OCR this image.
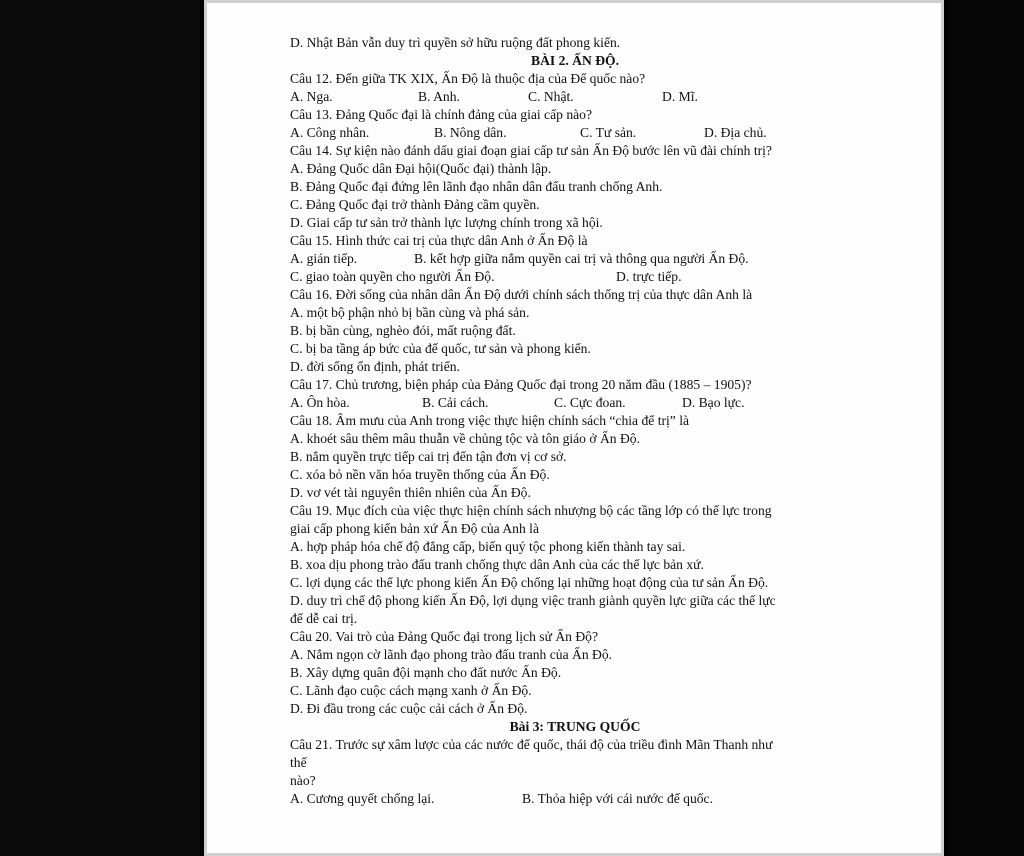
D. Nhật Bản vẫn duy trì quyền sở hữu ruộng đất phong kiến.
BÀI 2. ẤN ĐỘ.
Câu 12. Đến giữa TK XIX, Ấn Độ là thuộc địa của Đế quốc nào?
A. Nga.	B. Anh.	C. Nhật.	D. Mĩ.
Câu 13. Đảng Quốc đại là chính đảng của giai cấp nào?
A. Công nhân.	B. Nông dân.	C. Tư sản.	D. Địa chủ.
Câu 14. Sự kiện nào đánh dấu giai đoạn giai cấp tư sản Ấn Độ bước lên vũ đài chính trị?
A. Đảng Quốc dân Đại hội(Quốc đại) thành lập.
B. Đảng Quốc đại đứng lên lãnh đạo nhân dân đấu tranh chống Anh.
C. Đảng Quốc đại trở thành Đảng cầm quyền.
D. Giai cấp tư sản trở thành lực lượng chính trong xã hội.
Câu 15. Hình thức cai trị của thực dân Anh ở Ấn Độ là
A. gián tiếp.	B. kết hợp giữa nắm quyền cai trị và thông qua người Ấn Độ.
C. giao toàn quyền cho người Ấn Độ.	D. trực tiếp.
Câu 16. Đời sống của nhân dân Ấn Độ dưới chính sách thống trị của thực dân Anh là
A. một bộ phận nhỏ bị bần cùng và phá sản.
B. bị bần cùng, nghèo đói, mất ruộng đất.
C. bị ba tầng áp bức của đế quốc, tư sản và phong kiến.
D. đời sống ổn định, phát triển.
Câu 17. Chủ trương, biện pháp của Đảng Quốc đại trong 20 năm đầu (1885 – 1905)?
A. Ôn hòa.	B. Cải cách.	C. Cực đoan.	D. Bạo lực.
Câu 18. Âm mưu của Anh trong việc thực hiện chính sách “chia để trị” là
A. khoét sâu thêm mâu thuẫn về chủng tộc và tôn giáo ở Ấn Độ.
B. nắm quyền trực tiếp cai trị đến tận đơn vị cơ sở.
C. xóa bỏ nền văn hóa truyền thống của Ấn Độ.
D. vơ vét tài nguyên thiên nhiên của Ấn Độ.
Câu 19. Mục đích của việc thực hiện chính sách nhượng bộ các tầng lớp có thế lực trong
giai cấp phong kiến bản xứ Ấn Độ của Anh là
A. hợp pháp hóa chế độ đẳng cấp, biến quý tộc phong kiến thành tay sai.
B. xoa dịu phong trào đấu tranh chống thực dân Anh của các thế lực bản xứ.
C. lợi dụng các thế lực phong kiến Ấn Độ chống lại những hoạt động của tư sản Ấn Độ.
D. duy trì chế độ phong kiến Ấn Độ, lợi dụng việc tranh giành quyền lực giữa các thế lực
để dễ cai trị.
Câu 20. Vai trò của Đảng Quốc đại trong lịch sử Ấn Độ?
A. Nắm ngọn cờ lãnh đạo phong trào đấu tranh của Ấn Độ.
B. Xây dựng quân đội mạnh cho đất nước Ấn Độ.
C. Lãnh đạo cuộc cách mạng xanh ở Ấn Độ.
D. Đi đầu trong các cuộc cải cách ở Ấn Độ.
Bài 3: TRUNG QUỐC
Câu 21. Trước sự xâm lược của các nước đế quốc, thái độ của triều đình Mãn Thanh như
thế
nào?
A. Cương quyết chống lại.	B. Thỏa hiệp với cái nước đế quốc.
